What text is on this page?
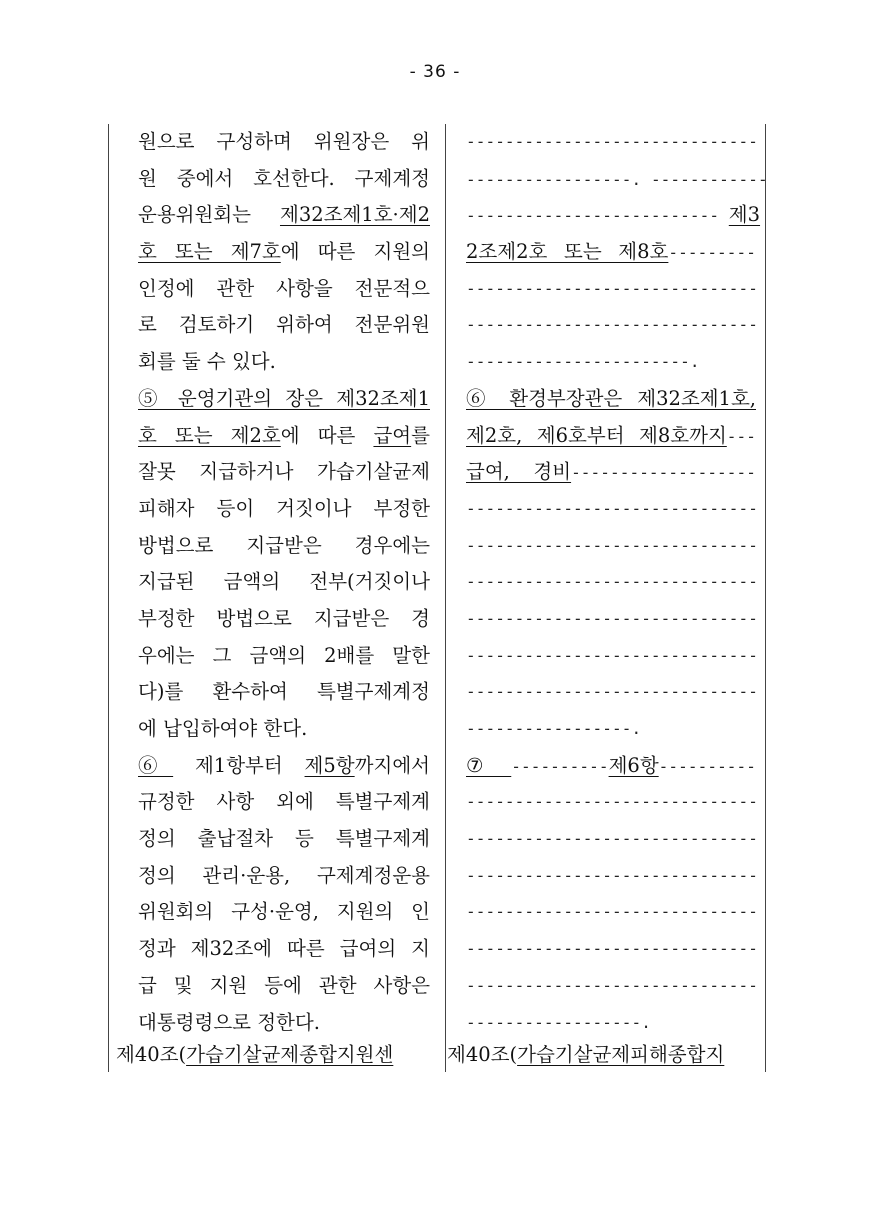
- 36 -
원으로 구성하며 위원장은 위
원 중에서 호선한다. 구제계정
운용위원회는 제32조제1호·제2
호 또는 제7호에 따른 지원의
인정에 관한 사항을 전문적으
로 검토하기 위하여 전문위원
회를 둘 수 있다.
⑤ 운영기관의 장은 제32조제1
호 또는 제2호에 따른 급여를
잘못 지급하거나 가습기살균제
피해자 등이 거짓이나 부정한
방법으로 지급받은 경우에는
지급된 금액의 전부(거짓이나
부정한 방법으로 지급받은 경
우에는 그 금액의 2배를 말한
다)를 환수하여 특별구제계정
에 납입하여야 한다.
⑥ 제1항부터 제5항까지에서
규정한 사항 외에 특별구제계
정의 출납절차 등 특별구제계
정의 관리·운용, 구제계정운용
위원회의 구성·운영, 지원의 인
정과 제32조에 따른 급여의 지
급 및 지원 등에 관한 사항은
대통령령으로 정한다.
제40조(가습기살균제종합지원센
------------------------------
-----------------. ------------
-------------------------- 제3
2조제2호 또는 제8호---------
------------------------------
------------------------------
-----------------------.
⑥ 환경부장관은 제32조제1호,
제2호, 제6호부터 제8호까지---
급여, 경비-------------------
------------------------------
------------------------------
------------------------------
------------------------------
------------------------------
------------------------------
-----------------.
⑦ ----------제6항----------
------------------------------
------------------------------
------------------------------
------------------------------
------------------------------
------------------------------
------------------.
제40조(가습기살균제피해종합지
